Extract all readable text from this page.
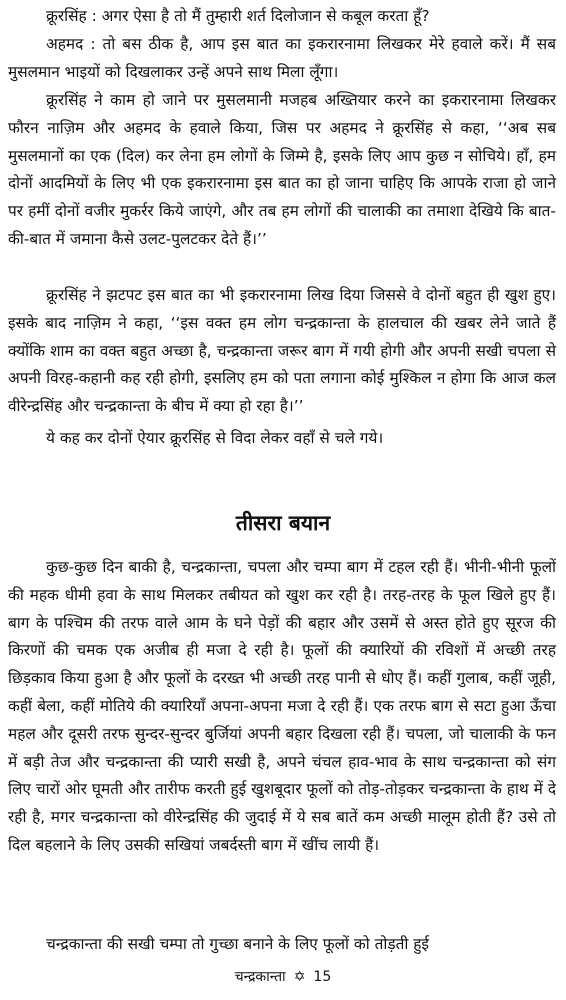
क्रूरसिंह : अगर ऐसा है तो मैं तुम्हारी शर्त दिलोजान से कबूल करता हूँ?

अहमद : तो बस ठीक है, आप इस बात का इकरारनामा लिखकर मेरे हवाले करें। मैं सब मुसलमान भाइयों को दिखलाकर उन्हें अपने साथ मिला लूँगा।

क्रूरसिंह ने काम हो जाने पर मुसलमानी मजहब अख्तियार करने का इकरारनामा लिखकर फौरन नाज़िम और अहमद के हवाले किया, जिस पर अहमद ने क्रूरसिंह से कहा, ‘‘अब सब मुसलमानों का एक (दिल) कर लेना हम लोगों के जिम्मे है, इसके लिए आप कुछ न सोचिये। हाँ, हम दोनों आदमियों के लिए भी एक इकरारनामा इस बात का हो जाना चाहिए कि आपके राजा हो जाने पर हमीं दोनों वजीर मुकर्रर किये जाएंगे, और तब हम लोगों की चालाकी का तमाशा देखिये कि बात-की-बात में जमाना कैसे उलट-पुलटकर देते हैं।’’

क्रूरसिंह ने झटपट इस बात का भी इकरारनामा लिख दिया जिससे वे दोनों बहुत ही खुश हुए। इसके बाद नाज़िम ने कहा, ‘‘इस वक्त हम लोग चन्द्रकान्ता के हालचाल की खबर लेने जाते हैं क्योंकि शाम का वक्त बहुत अच्छा है, चन्द्रकान्ता जरूर बाग में गयी होगी और अपनी सखी चपला से अपनी विरह-कहानी कह रही होगी, इसलिए हम को पता लगाना कोई मुश्किल न होगा कि आज कल वीरेन्द्रसिंह और चन्द्रकान्ता के बीच में क्या हो रहा है।’’

ये कह कर दोनों ऐयार क्रूरसिंह से विदा लेकर वहाँ से चले गये।

तीसरा बयान

कुछ-कुछ दिन बाकी है, चन्द्रकान्ता, चपला और चम्पा बाग में टहल रही हैं। भीनी-भीनी फूलों की महक धीमी हवा के साथ मिलकर तबीयत को खुश कर रही है। तरह-तरह के फूल खिले हुए हैं। बाग के पश्चिम की तरफ वाले आम के घने पेड़ों की बहार और उसमें से अस्त होते हुए सूरज की किरणों की चमक एक अजीब ही मजा दे रही है। फूलों की क्यारियों की रविशों में अच्छी तरह छिड़काव किया हुआ है और फूलों के दरख्त भी अच्छी तरह पानी से धोए हैं। कहीं गुलाब, कहीं जूही, कहीं बेला, कहीं मोतिये की क्यारियाँ अपना-अपना मजा दे रही हैं। एक तरफ बाग से सटा हुआ ऊँचा महल और दूसरी तरफ सुन्दर-सुन्दर बुर्जियां अपनी बहार दिखला रही हैं। चपला, जो चालाकी के फन में बड़ी तेज और चन्द्रकान्ता की प्यारी सखी है, अपने चंचल हाव-भाव के साथ चन्द्रकान्ता को संग लिए चारों ओर घूमती और तारीफ करती हुई खुशबूदार फूलों को तोड़-तोड़कर चन्द्रकान्ता के हाथ में दे रही है, मगर चन्द्रकान्ता को वीरेन्द्रसिंह की जुदाई में ये सब बातें कम अच्छी मालूम होती हैं? उसे तो दिल बहलाने के लिए उसकी सखियां जबर्दस्ती बाग में खींच लायी हैं।

चन्द्रकान्ता की सखी चम्पा तो गुच्छा बनाने के लिए फूलों को तोड़ती हुई

चन्द्रकान्ता ✡ 15
